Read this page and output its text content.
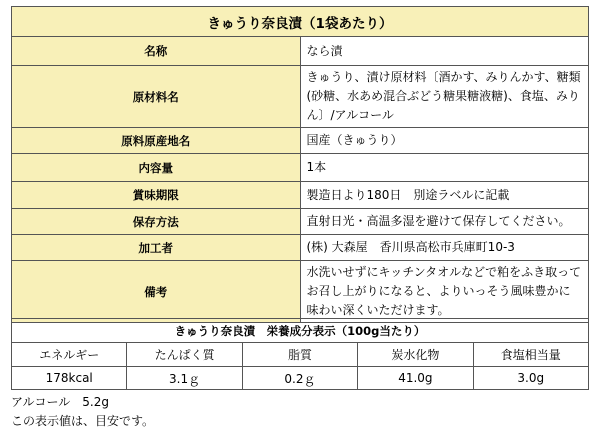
きゅうり奈良漬（1袋あたり）	
名称	なら漬
原材料名	きゅうり、漬け原材料〔酒かす、みりんかす、糖類(砂糖、水あめ混合ぶどう糖果糖液糖)、食塩、みりん〕/アルコール
原料原産地名	国産（きゅうり）
内容量	1本
賞味期限	製造日より180日　別途ラベルに記載
保存方法	直射日光・高温多湿を避けて保存してください。
加工者	(株) 大森屋　香川県高松市兵庫町10-3
備考	水洗いせずにキッチンタオルなどで粕をふき取ってお召し上がりになると、よりいっそう風味豊かに味わい深くいただけます。
きゅうり奈良漬　栄養成分表示（100g当たり）				
エネルギー	たんぱく質	脂質	炭水化物	食塩相当量
178kcal	3.1ｇ	0.2ｇ	41.0g	3.0g
アルコール　5.2g
この表示値は、目安です。
